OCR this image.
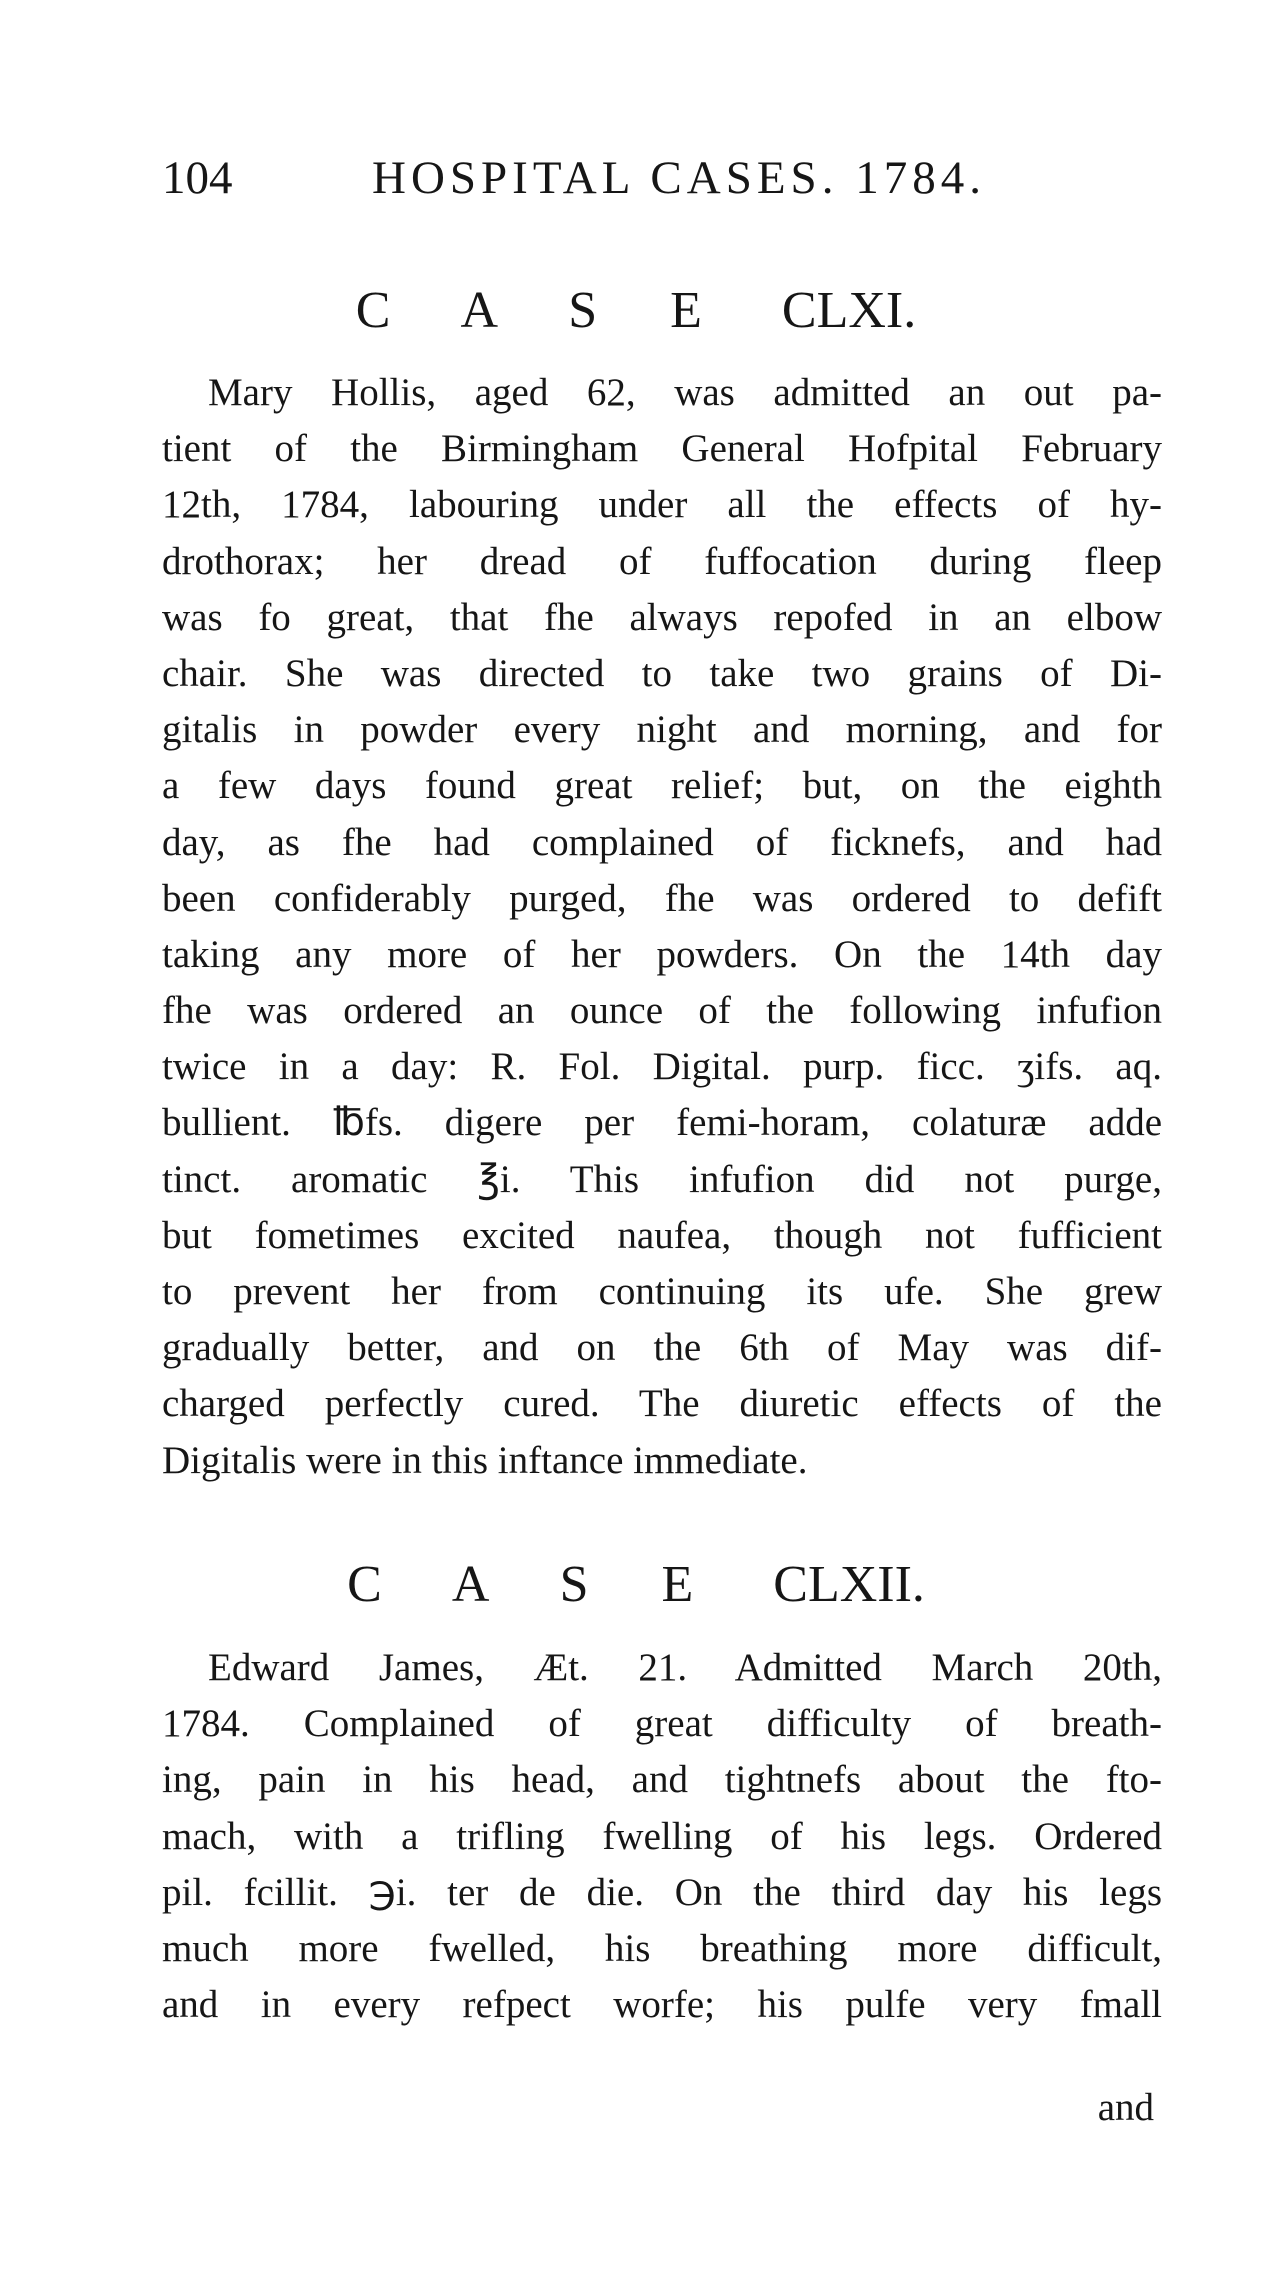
104	HOSPITAL CASES. 1784.
C A S E CLXI.
Mary Hollis, aged 62, was admitted an out pa-
tient of the Birmingham General Hofpital February
12th, 1784, labouring under all the effects of hy-
drothorax; her dread of fuffocation during fleep
was fo great, that fhe always repofed in an elbow
chair. She was directed to take two grains of Di-
gitalis in powder every night and morning, and for
a few days found great relief; but, on the eighth
day, as fhe had complained of ficknefs, and had
been confiderably purged, fhe was ordered to defift
taking any more of her powders. On the 14th day
fhe was ordered an ounce of the following infufion
twice in a day: R. Fol. Digital. purp. ficc. ʒifs. aq.
bullient. ℔fs. digere per femi-horam, colaturæ adde
tinct. aromatic ℥i. This infufion did not purge,
but fometimes excited naufea, though not fufficient
to prevent her from continuing its ufe. She grew
gradually better, and on the 6th of May was dif-
charged perfectly cured. The diuretic effects of the
Digitalis were in this inftance immediate.
C A S E CLXII.
Edward James, Æt. 21. Admitted March 20th,
1784. Complained of great difficulty of breath-
ing, pain in his head, and tightnefs about the fto-
mach, with a trifling fwelling of his legs. Ordered
pil. fcillit. ℈i. ter de die. On the third day his legs
much more fwelled, his breathing more difficult,
and in every refpect worfe; his pulfe very fmall
and
